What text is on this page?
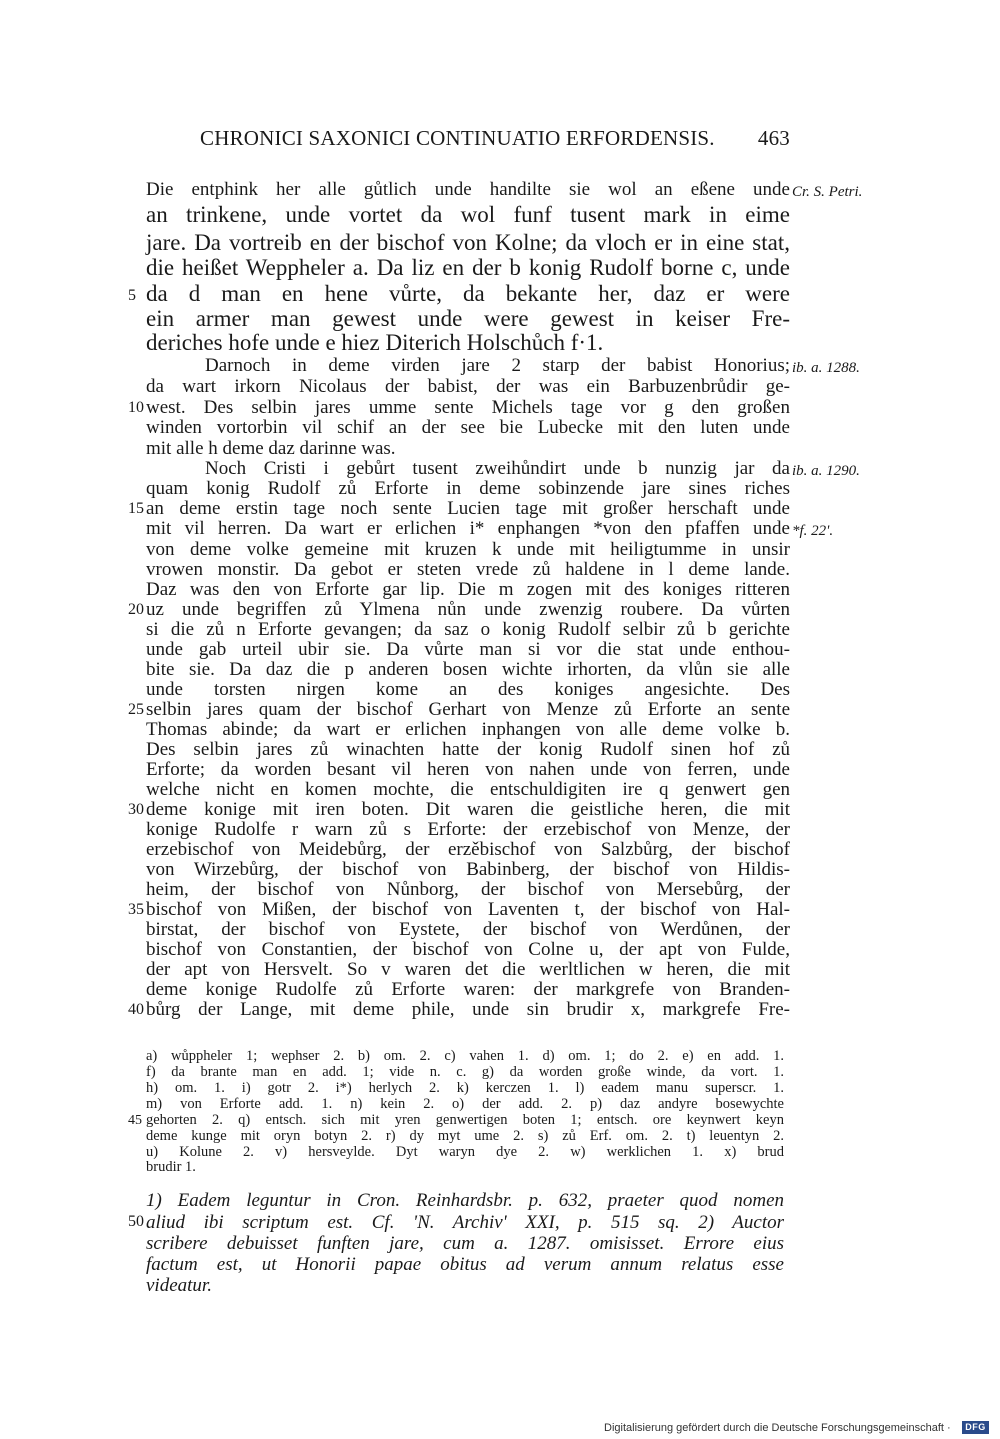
CHRONICI SAXONICI CONTINUATIO ERFORDENSIS. 463
Die entphink her alle gůtlich unde handilte sie wol an eßene unde
an trinkene, unde vortet da wol funf tusent mark in eime
jare. Da vortreib en der bischof von Kolne; da vloch er in eine stat,
die heißet Weppheler a. Da liz en der b konig Rudolf borne c, unde
da d man en hene vůrte, da bekante her, daz er were
ein armer man gewest unde were gewest in keiser Fre-
deriches hofe unde e hiez Diterich Holschůch f·1.
Darnoch in deme virden jare 2 starp der babist Honorius;
da wart irkorn Nicolaus der babist, der was ein Barbuzenbrůdir ge-
west. Des selbin jares umme sente Michels tage vor g den großen
winden vortorbin vil schif an der see bie Lubecke mit den luten unde
mit alle h deme daz darinne was.
Noch Cristi i gebůrt tusent zweihůndirt unde b nunzig jar da
quam konig Rudolf zů Erforte in deme sobinzende jare sines riches
an deme erstin tage noch sente Lucien tage mit großer herschaft unde
mit vil herren. Da wart er erlichen i* enphangen *von den pfaffen unde
von deme volke gemeine mit kruzen k unde mit heiligtumme in unsir
vrowen monstir. Da gebot er steten vrede zů haldene in l deme lande.
Daz was den von Erforte gar lip. Die m zogen mit des koniges ritteren
uz unde begriffen zů Ylmena nůn unde zwenzig roubere. Da vůrten
si die zů n Erforte gevangen; da saz o konig Rudolf selbir zů b gerichte
unde gab urteil ubir sie. Da vůrte man si vor die stat unde enthou-
bite sie. Da daz die p anderen bosen wichte irhorten, da vlůn sie alle
unde torsten nirgen kome an des koniges angesichte. Des
selbin jares quam der bischof Gerhart von Menze zů Erforte an sente
Thomas abinde; da wart er erlichen inphangen von alle deme volke b.
Des selbin jares zů winachten hatte der konig Rudolf sinen hof zů
Erforte; da worden besant vil heren von nahen unde von ferren, unde
welche nicht en komen mochte, die entschuldigiten ire q genwert gen
deme konige mit iren boten. Dit waren die geistliche heren, die mit
konige Rudolfe r warn zů s Erforte: der erzebischof von Menze, der
erzebischof von Meidebůrg, der erzěbischof von Salzbůrg, der bischof
von Wirzebůrg, der bischof von Babinberg, der bischof von Hildis-
heim, der bischof von Nůnborg, der bischof von Mersebůrg, der
bischof von Mißen, der bischof von Laventen t, der bischof von Hal-
birstat, der bischof von Eystete, der bischof von Werdůnen, der
bischof von Constantien, der bischof von Colne u, der apt von Fulde,
der apt von Hersvelt. So v waren det die werltlichen w heren, die mit
deme konige Rudolfe zů Erforte waren: der markgrefe von Branden-
bůrg der Lange, mit deme phile, unde sin brudir x, markgrefe Fre-
5
10
15
20
25
30
35
40
Cr. S. Petri.
ib. a. 1288.
ib. a. 1290.
*f. 22'.
a) wůppheler 1; wephser 2. b) om. 2. c) vahen 1. d) om. 1; do 2. e) en add. 1.
f) da brante man en add. 1; vide n. c. g) da worden große winde, da vort. 1.
h) om. 1. i) gotr 2. i*) herlych 2. k) kerczen 1. l) eadem manu superscr. 1.
m) von Erforte add. 1. n) kein 2. o) der add. 2. p) daz andyre bosewychte
gehorten 2. q) entsch. sich mit yren genwertigen boten 1; entsch. ore keynwert keyn
deme kunge mit oryn botyn 2. r) dy myt ume 2. s) zů Erf. om. 2. t) leuentyn 2.
u) Kolune 2. v) hersveylde. Dyt waryn dye 2. w) werklichen 1. x) brud
brudir 1.
45
1) Eadem leguntur in Cron. Reinhardsbr. p. 632, praeter quod nomen
aliud ibi scriptum est. Cf. 'N. Archiv' XXI, p. 515 sq. 2) Auctor
scribere debuisset funften jare, cum a. 1287. omisisset. Errore eius
factum est, ut Honorii papae obitus ad verum annum relatus esse
videatur.
50
Digitalisierung gefördert durch die Deutsche Forschungsgemeinschaft ·	DFG
